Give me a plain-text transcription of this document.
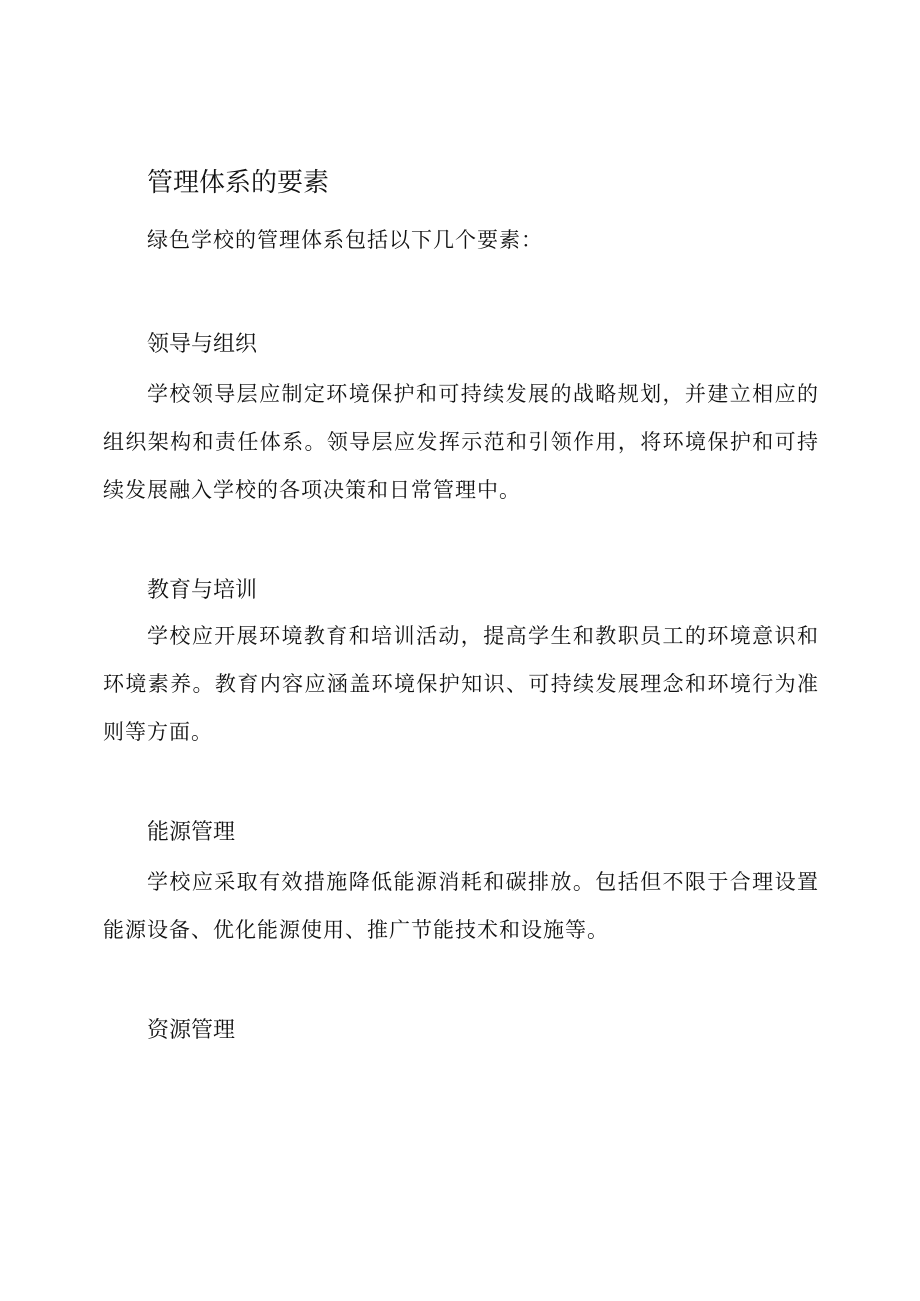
管理体系的要素
绿色学校的管理体系包括以下几个要素：
领导与组织

学校领导层应制定环境保护和可持续发展的战略规划，并建立相应的组织架构和责任体系。领导层应发挥示范和引领作用，将环境保护和可持续发展融入学校的各项决策和日常管理中。

教育与培训

学校应开展环境教育和培训活动，提高学生和教职员工的环境意识和环境素养。教育内容应涵盖环境保护知识、可持续发展理念和环境行为准则等方面。

能源管理

学校应采取有效措施降低能源消耗和碳排放。包括但不限于合理设置能源设备、优化能源使用、推广节能技术和设施等。

资源管理
